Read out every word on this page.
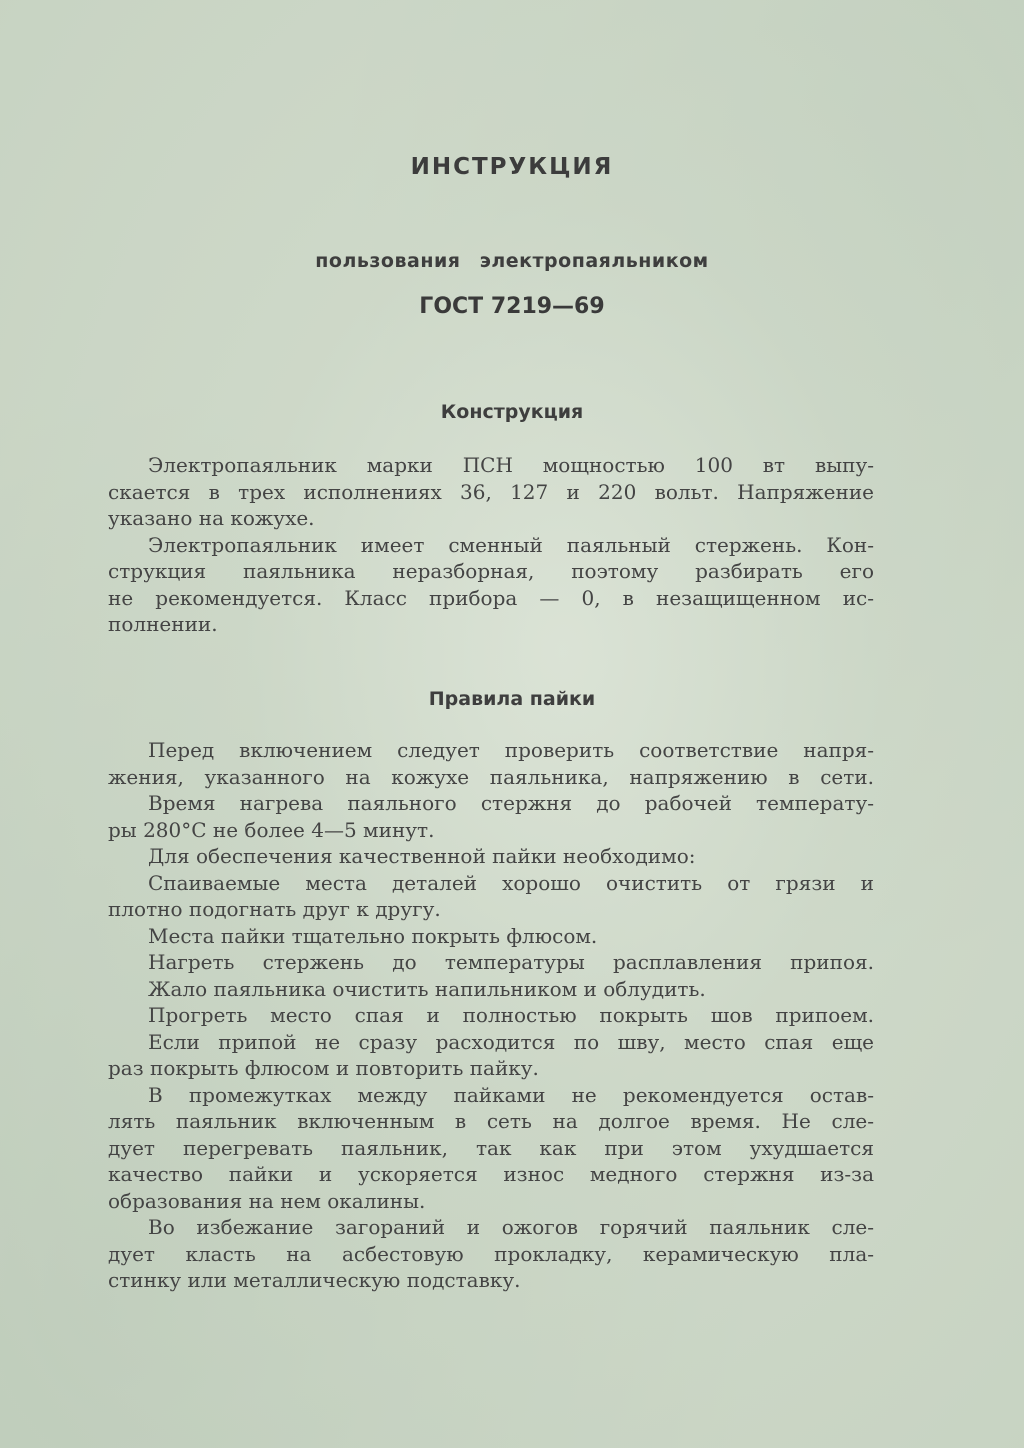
ИНСТРУКЦИЯ
пользования электропаяльником
ГОСТ 7219—69
Конструкция
Электропаяльник марки ПСН мощностью 100 вт выпу-
скается в трех исполнениях 36, 127 и 220 вольт. Напряжение
указано на кожухе.
Электропаяльник имеет сменный паяльный стержень. Кон-
струкция паяльника неразборная, поэтому разбирать его
не рекомендуется. Класс прибора — 0, в незащищенном ис-
полнении.
Правила пайки
Перед включением следует проверить соответствие напря-
жения, указанного на кожухе паяльника, напряжению в сети.
Время нагрева паяльного стержня до рабочей температу-
ры 280°С не более 4—5 минут.
Для обеспечения качественной пайки необходимо:
Спаиваемые места деталей хорошо очистить от грязи и
плотно подогнать друг к другу.
Места пайки тщательно покрыть флюсом.
Нагреть стержень до температуры расплавления припоя.
Жало паяльника очистить напильником и облудить.
Прогреть место спая и полностью покрыть шов припоем.
Если припой не сразу расходится по шву, место спая еще
раз покрыть флюсом и повторить пайку.
В промежутках между пайками не рекомендуется остав-
лять паяльник включенным в сеть на долгое время. Не сле-
дует перегревать паяльник, так как при этом ухудшается
качество пайки и ускоряется износ медного стержня из-за
образования на нем окалины.
Во избежание загораний и ожогов горячий паяльник сле-
дует класть на асбестовую прокладку, керамическую пла-
стинку или металлическую подставку.
